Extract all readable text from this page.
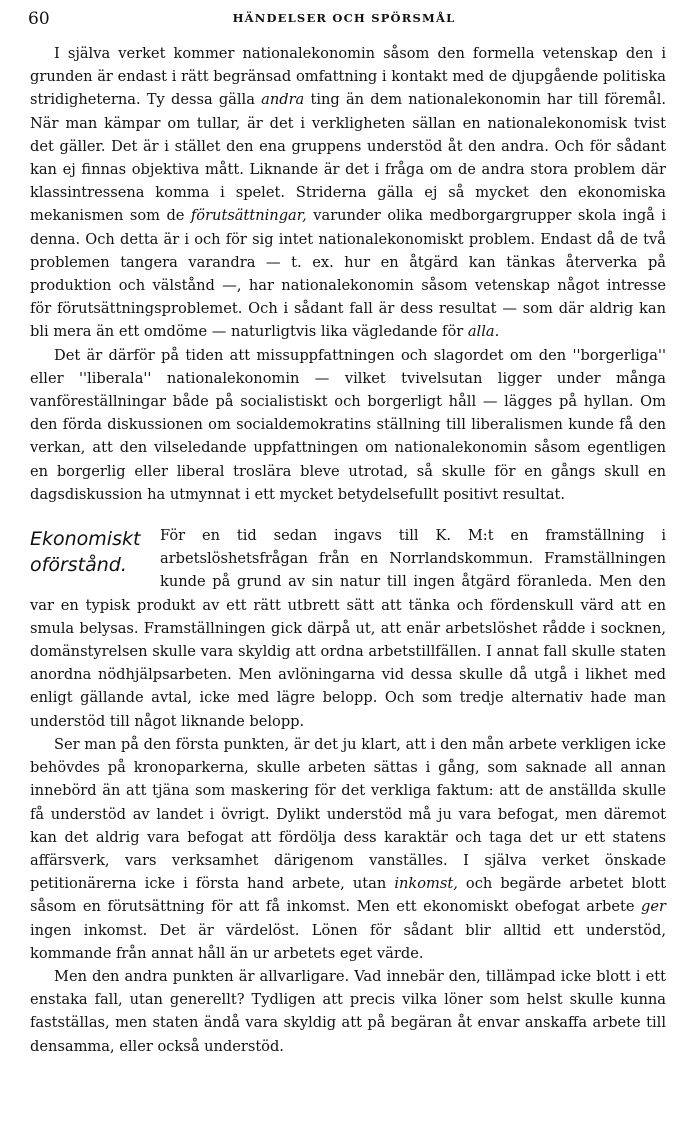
60	HÄNDELSER OCH SPÖRSMÅL

I själva verket kommer nationalekonomin såsom den formella vetenskap den i grunden är endast i rätt begränsad omfattning i kontakt med de djupgående politiska stridigheterna. Ty dessa gälla andra ting än dem nationalekonomin har till föremål. När man kämpar om tullar, är det i verkligheten sällan en nationalekonomisk tvist det gäller. Det är i stället den ena gruppens understöd åt den andra. Och för sådant kan ej finnas objektiva mått. Liknande är det i fråga om de andra stora problem där klassintressena komma i spelet. Striderna gälla ej så mycket den ekonomiska mekanismen som de förutsättningar, varunder olika medborgargrupper skola ingå i denna. Och detta är i och för sig intet nationalekonomiskt problem. Endast då de två problemen tangera varandra — t. ex. hur en åtgärd kan tänkas återverka på produktion och välstånd —, har nationalekonomin såsom vetenskap något intresse för förutsättningsproblemet. Och i sådant fall är dess resultat — som där aldrig kan bli mera än ett omdöme — naturligtvis lika vägledande för alla.

Det är därför på tiden att missuppfattningen och slagordet om den ''borgerliga'' eller ''liberala'' nationalekonomin — vilket tvivelsutan ligger under många vanföreställningar både på socialistiskt och borgerligt håll — lägges på hyllan. Om den förda diskussionen om socialdemokratins ställning till liberalismen kunde få den verkan, att den vilseledande uppfattningen om nationalekonomin såsom egentligen en borgerlig eller liberal troslära bleve utrotad, så skulle för en gångs skull en dagsdiskussion ha utmynnat i ett mycket betydelsefullt positivt resultat.

Ekonomiskt oförstånd.

För en tid sedan ingavs till K. M:t en framställning i arbetslöshetsfrågan från en Norrlandskommun. Framställningen kunde på grund av sin natur till ingen åtgärd föranleda. Men den var en typisk produkt av ett rätt utbrett sätt att tänka och fördenskull värd att en smula belysas. Framställningen gick därpå ut, att enär arbetslöshet rådde i socknen, domänstyrelsen skulle vara skyldig att ordna arbetstillfällen. I annat fall skulle staten anordna nödhjälpsarbeten. Men avlöningarna vid dessa skulle då utgå i likhet med enligt gällande avtal, icke med lägre belopp. Och som tredje alternativ hade man understöd till något liknande belopp.

Ser man på den första punkten, är det ju klart, att i den mån arbete verkligen icke behövdes på kronoparkerna, skulle arbeten sättas i gång, som saknade all annan innebörd än att tjäna som maskering för det verkliga faktum: att de anställda skulle få understöd av landet i övrigt. Dylikt understöd må ju vara befogat, men däremot kan det aldrig vara befogat att fördölja dess karaktär och taga det ur ett statens affärsverk, vars verksamhet därigenom vanställes. I själva verket önskade petitionärerna icke i första hand arbete, utan inkomst, och begärde arbetet blott såsom en förutsättning för att få inkomst. Men ett ekonomiskt obefogat arbete ger ingen inkomst. Det är värdelöst. Lönen för sådant blir alltid ett understöd, kommande från annat håll än ur arbetets eget värde.

Men den andra punkten är allvarligare. Vad innebär den, tillämpad icke blott i ett enstaka fall, utan generellt? Tydligen att precis vilka löner som helst skulle kunna fastställas, men staten ändå vara skyldig att på begäran åt envar anskaffa arbete till densamma, eller också understöd.
